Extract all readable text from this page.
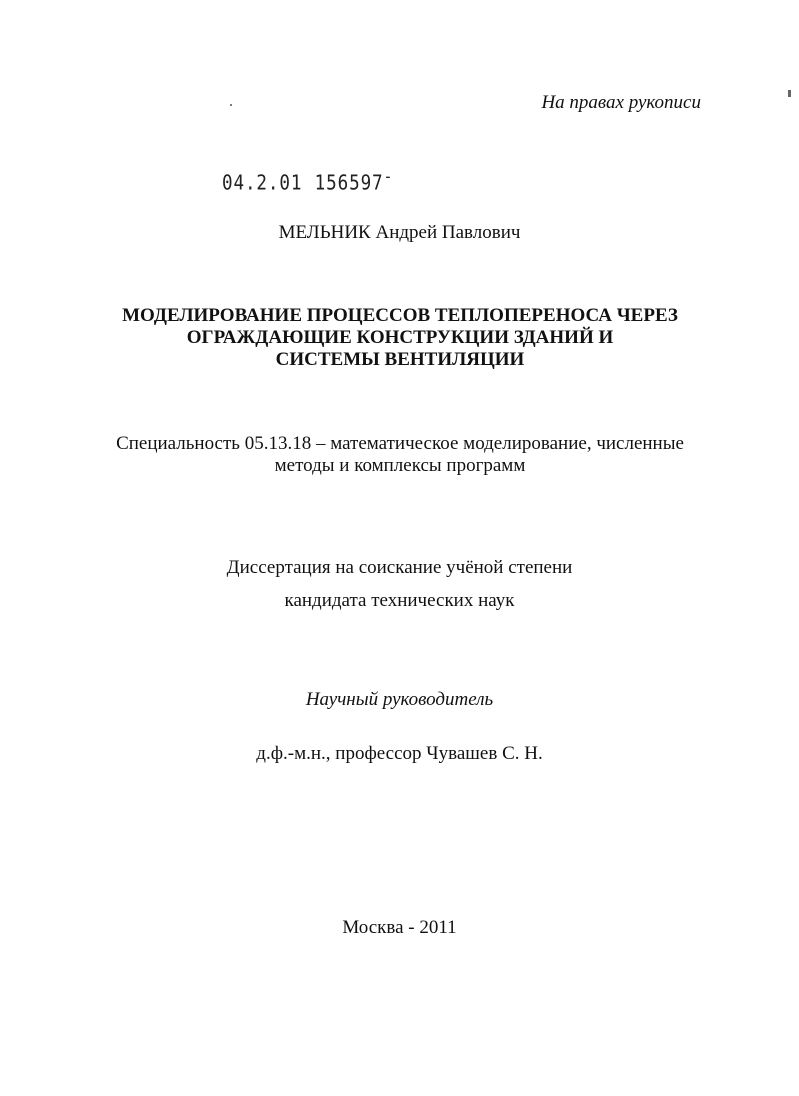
На правах рукописи
04.2.01 156597-
МЕЛЬНИК Андрей Павлович
МОДЕЛИРОВАНИЕ ПРОЦЕССОВ ТЕПЛОПЕРЕНОСА ЧЕРЕЗ
ОГРАЖДАЮЩИЕ КОНСТРУКЦИИ ЗДАНИЙ И
СИСТЕМЫ ВЕНТИЛЯЦИИ
Специальность 05.13.18 – математическое моделирование, численные
методы и комплексы программ
Диссертация на соискание учёной степени
кандидата технических наук
Научный руководитель
д.ф.-м.н., профессор Чувашев С. Н.
Москва - 2011
